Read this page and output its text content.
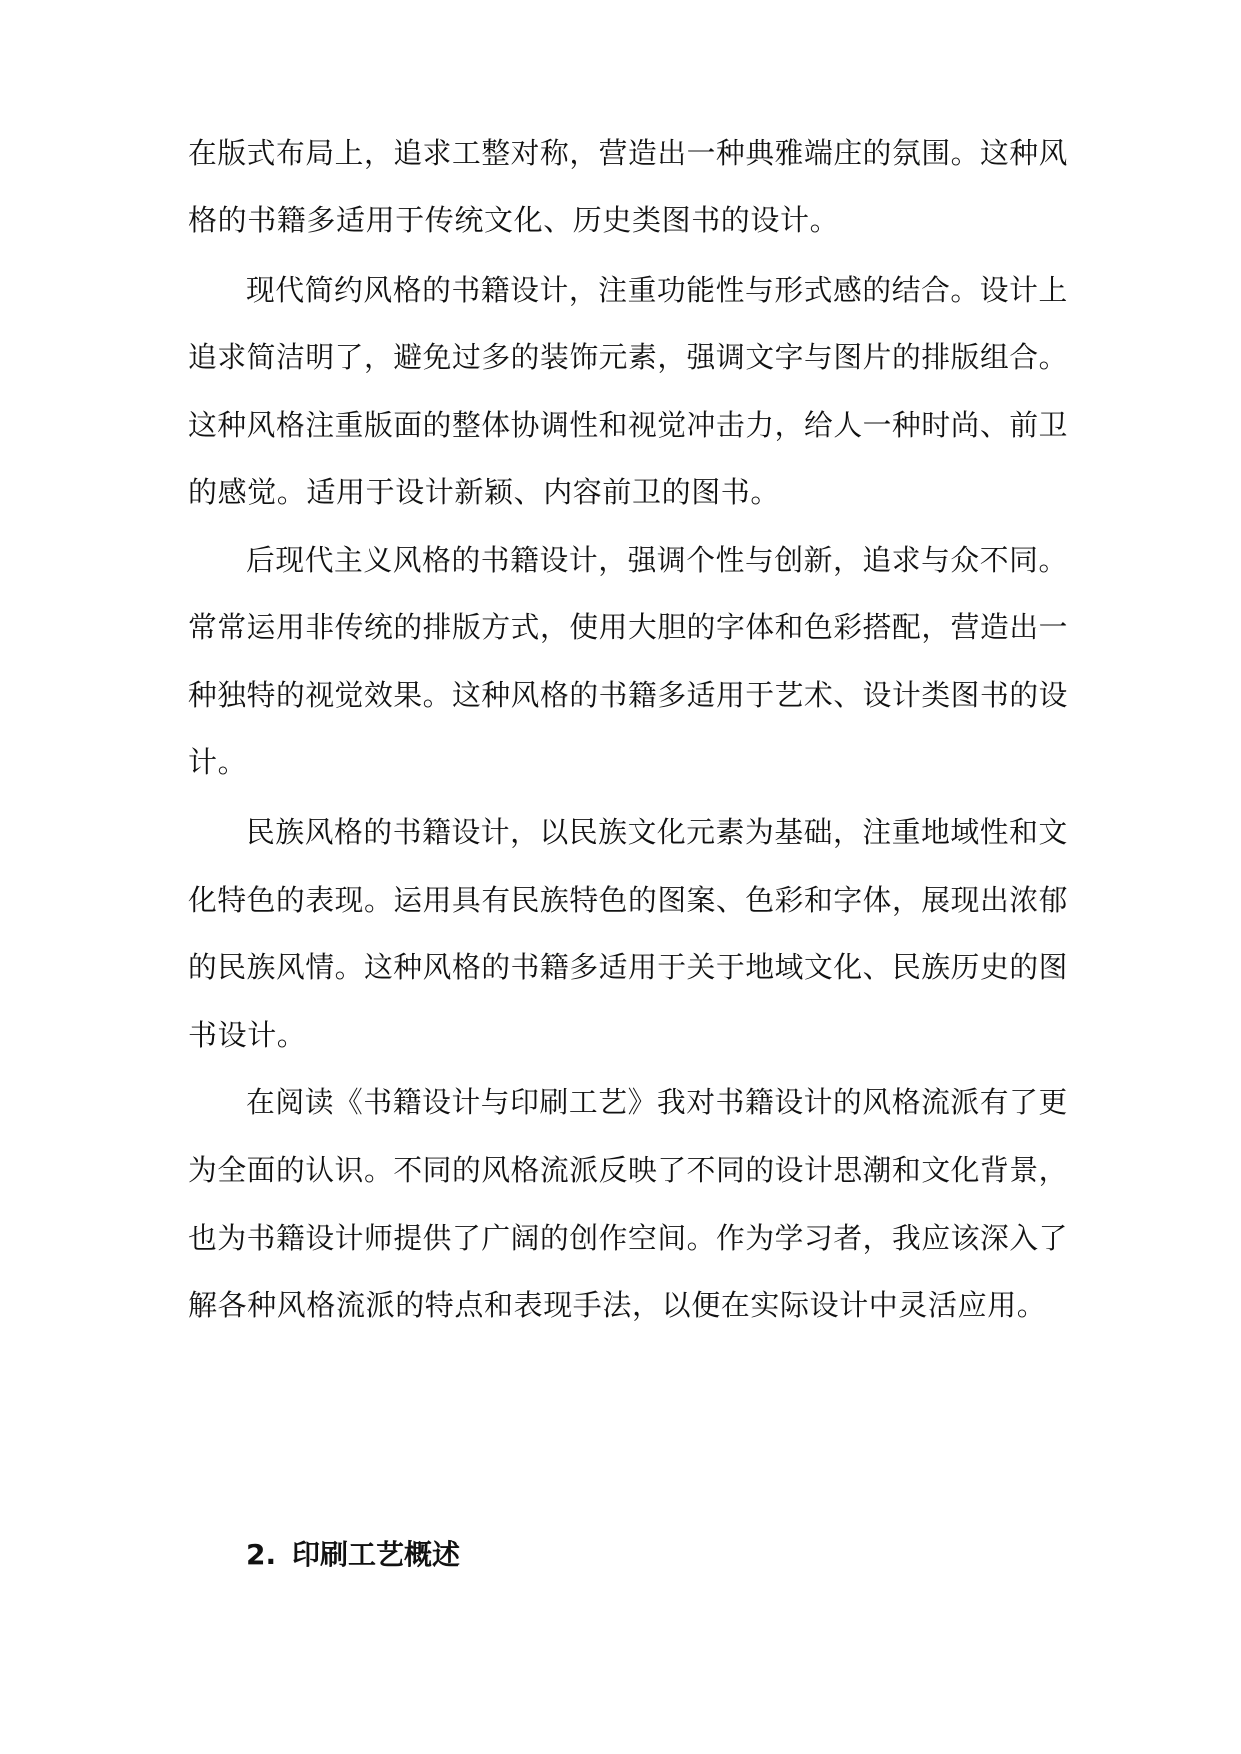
在版式布局上，追求工整对称，营造出一种典雅端庄的氛围。这种风
格的书籍多适用于传统文化、历史类图书的设计。
现代简约风格的书籍设计，注重功能性与形式感的结合。设计上
追求简洁明了，避免过多的装饰元素，强调文字与图片的排版组合。
这种风格注重版面的整体协调性和视觉冲击力，给人一种时尚、前卫
的感觉。适用于设计新颖、内容前卫的图书。
后现代主义风格的书籍设计，强调个性与创新，追求与众不同。
常常运用非传统的排版方式，使用大胆的字体和色彩搭配，营造出一
种独特的视觉效果。这种风格的书籍多适用于艺术、设计类图书的设
计。
民族风格的书籍设计，以民族文化元素为基础，注重地域性和文
化特色的表现。运用具有民族特色的图案、色彩和字体，展现出浓郁
的民族风情。这种风格的书籍多适用于关于地域文化、民族历史的图
书设计。
在阅读《书籍设计与印刷工艺》我对书籍设计的风格流派有了更
为全面的认识。不同的风格流派反映了不同的设计思潮和文化背景，
也为书籍设计师提供了广阔的创作空间。作为学习者，我应该深入了
解各种风格流派的特点和表现手法，以便在实际设计中灵活应用。
2. 印刷工艺概述
